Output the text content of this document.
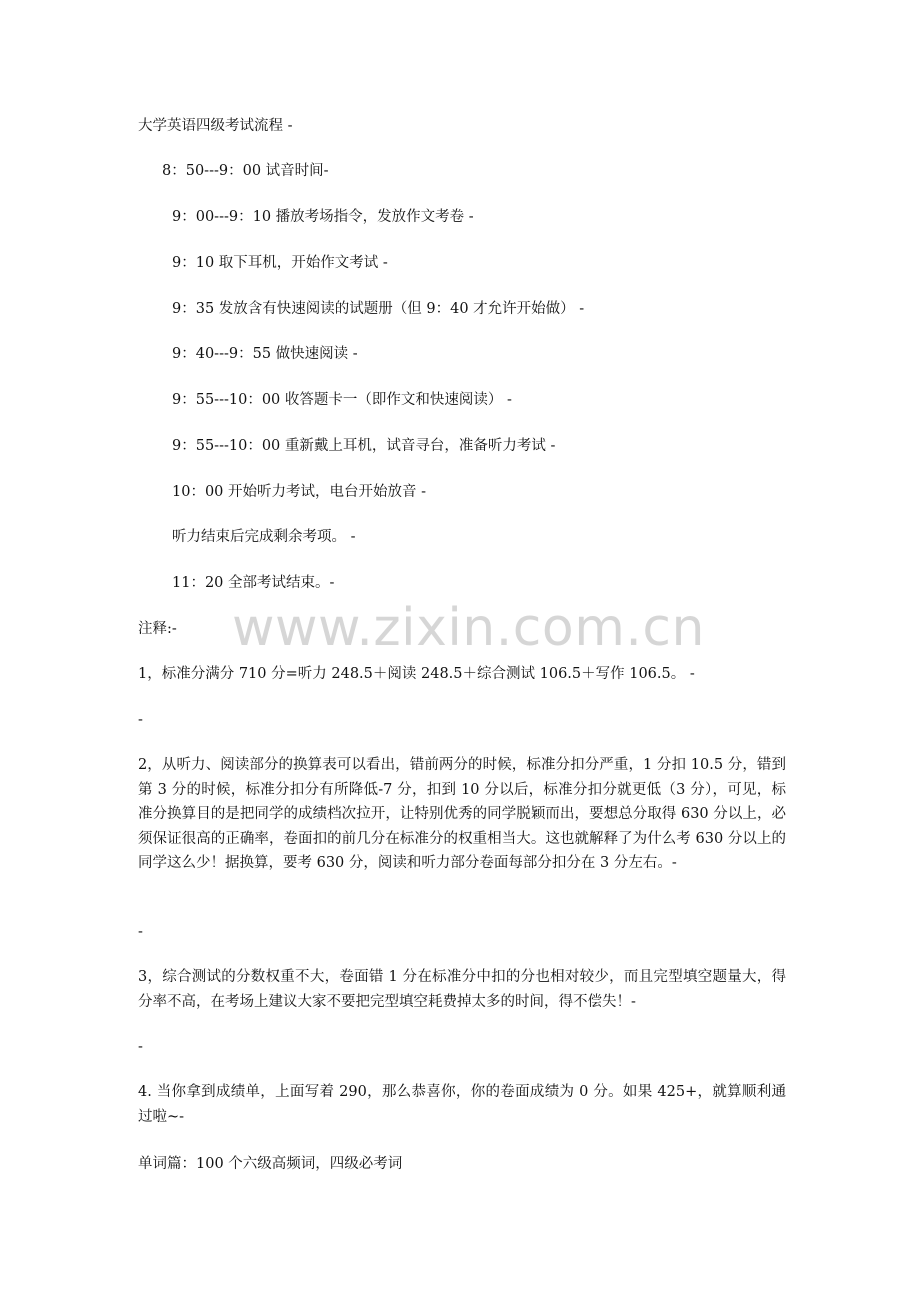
大学英语四级考试流程 -
8：50---9：00 试音时间-
9：00---9：10 播放考场指令，发放作文考卷 -
9：10 取下耳机，开始作文考试 -
9：35 发放含有快速阅读的试题册（但 9：40 才允许开始做） -
9：40---9：55 做快速阅读 -
9：55---10：00 收答题卡一（即作文和快速阅读） -
9：55---10：00 重新戴上耳机，试音寻台，准备听力考试 -
10：00 开始听力考试，电台开始放音 -
听力结束后完成剩余考项。 -
11：20 全部考试结束。-
注释:-
1，标准分满分 710 分=听力 248.5＋阅读 248.5＋综合测试 106.5＋写作 106.5。 -
-
2，从听力、阅读部分的换算表可以看出，错前两分的时候，标准分扣分严重，1 分扣 10.5 分，错到第 3 分的时候，标准分扣分有所降低-7 分，扣到 10 分以后，标准分扣分就更低（3 分），可见，标准分换算目的是把同学的成绩档次拉开，让特别优秀的同学脱颖而出，要想总分取得 630 分以上，必须保证很高的正确率，卷面扣的前几分在标准分的权重相当大。这也就解释了为什么考 630 分以上的同学这么少！据换算，要考 630 分，阅读和听力部分卷面每部分扣分在 3 分左右。-
-
3，综合测试的分数权重不大，卷面错 1 分在标准分中扣的分也相对较少，而且完型填空题量大，得分率不高，在考场上建议大家不要把完型填空耗费掉太多的时间，得不偿失！-
-
4. 当你拿到成绩单，上面写着 290，那么恭喜你，你的卷面成绩为 0 分。如果 425+，就算顺利通过啦~-
单词篇：100 个六级高频词，四级必考词
www.zixin.com.cn
